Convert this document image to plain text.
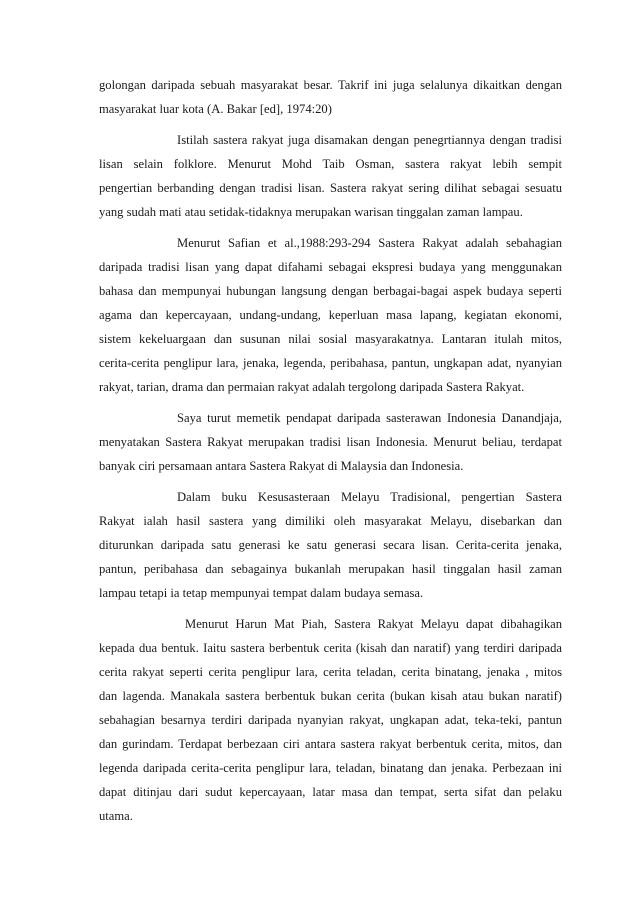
golongan daripada sebuah masyarakat besar. Takrif ini juga selalunya dikaitkan dengan
masyarakat luar kota (A. Bakar [ed], 1974:20)
Istilah sastera rakyat juga disamakan dengan penegrtiannya dengan tradisi
lisan selain folklore. Menurut Mohd Taib Osman, sastera rakyat lebih sempit
pengertian berbanding dengan tradisi lisan. Sastera rakyat sering dilihat sebagai sesuatu
yang sudah mati atau setidak-tidaknya merupakan warisan tinggalan zaman lampau.
Menurut Safian et al.,1988:293-294 Sastera Rakyat adalah sebahagian
daripada tradisi lisan yang dapat difahami sebagai ekspresi budaya yang menggunakan
bahasa dan mempunyai hubungan langsung dengan berbagai-bagai aspek budaya seperti
agama dan kepercayaan, undang-undang, keperluan masa lapang, kegiatan ekonomi,
sistem kekeluargaan dan susunan nilai sosial masyarakatnya. Lantaran itulah mitos,
cerita-cerita penglipur lara, jenaka, legenda, peribahasa, pantun, ungkapan adat, nyanyian
rakyat, tarian, drama dan permaian rakyat adalah tergolong daripada Sastera Rakyat.
Saya turut memetik pendapat daripada sasterawan Indonesia Danandjaja,
menyatakan Sastera Rakyat merupakan tradisi lisan Indonesia. Menurut beliau, terdapat
banyak ciri persamaan antara Sastera Rakyat di Malaysia dan Indonesia.
Dalam buku Kesusasteraan Melayu Tradisional, pengertian Sastera
Rakyat ialah hasil sastera yang dimiliki oleh masyarakat Melayu, disebarkan dan
diturunkan daripada satu generasi ke satu generasi secara lisan. Cerita-cerita jenaka,
pantun, peribahasa dan sebagainya bukanlah merupakan hasil tinggalan hasil zaman
lampau tetapi ia tetap mempunyai tempat dalam budaya semasa.
Menurut Harun Mat Piah, Sastera Rakyat Melayu dapat dibahagikan
kepada dua bentuk. Iaitu sastera berbentuk cerita (kisah dan naratif) yang terdiri daripada
cerita rakyat seperti cerita penglipur lara, cerita teladan, cerita binatang, jenaka , mitos
dan lagenda. Manakala sastera berbentuk bukan cerita (bukan kisah atau bukan naratif)
sebahagian besarnya terdiri daripada nyanyian rakyat, ungkapan adat, teka-teki, pantun
dan gurindam. Terdapat berbezaan ciri antara sastera rakyat berbentuk cerita, mitos, dan
legenda daripada cerita-cerita penglipur lara, teladan, binatang dan jenaka. Perbezaan ini
dapat ditinjau dari sudut kepercayaan, latar masa dan tempat, serta sifat dan pelaku
utama.
